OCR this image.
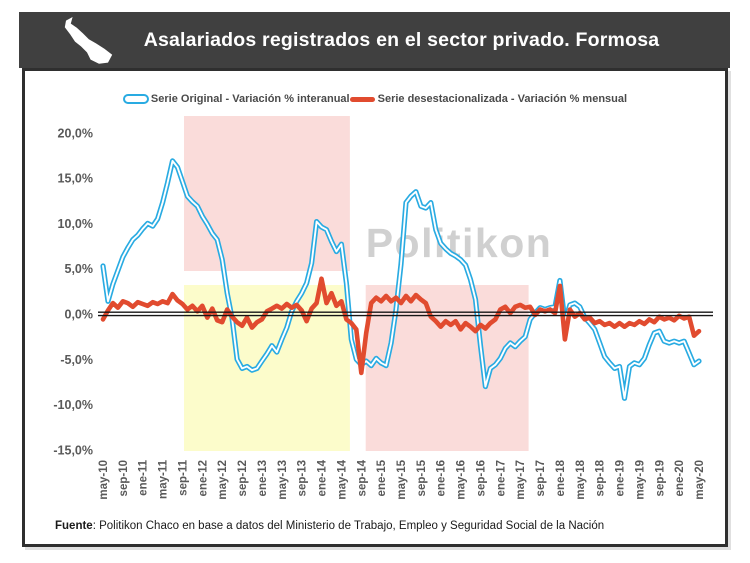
Asalariados registrados en el sector privado. Formosa
Serie Original - Variación % interanual	Serie desestacionalizada - Variación % mensual
Politikon
20,0%
15,0%
10,0%
5,0%
0,0%
-5,0%
-10,0%
-15,0%
may-10 sep-10 ene-11 may-11 sep-11 ene-12 may-12 sep-12 ene-13 may-13 sep-13 ene-14 may-14 sep-14 ene-15 may-15 sep-15 ene-16 may-16 sep-16 ene-17 may-17 sep-17 ene-18 may-18 sep-18 ene-19 may-19 sep-19 ene-20 may-20
Fuente: Politikon Chaco en base a datos del Ministerio de Trabajo, Empleo y Seguridad Social de la Nación
